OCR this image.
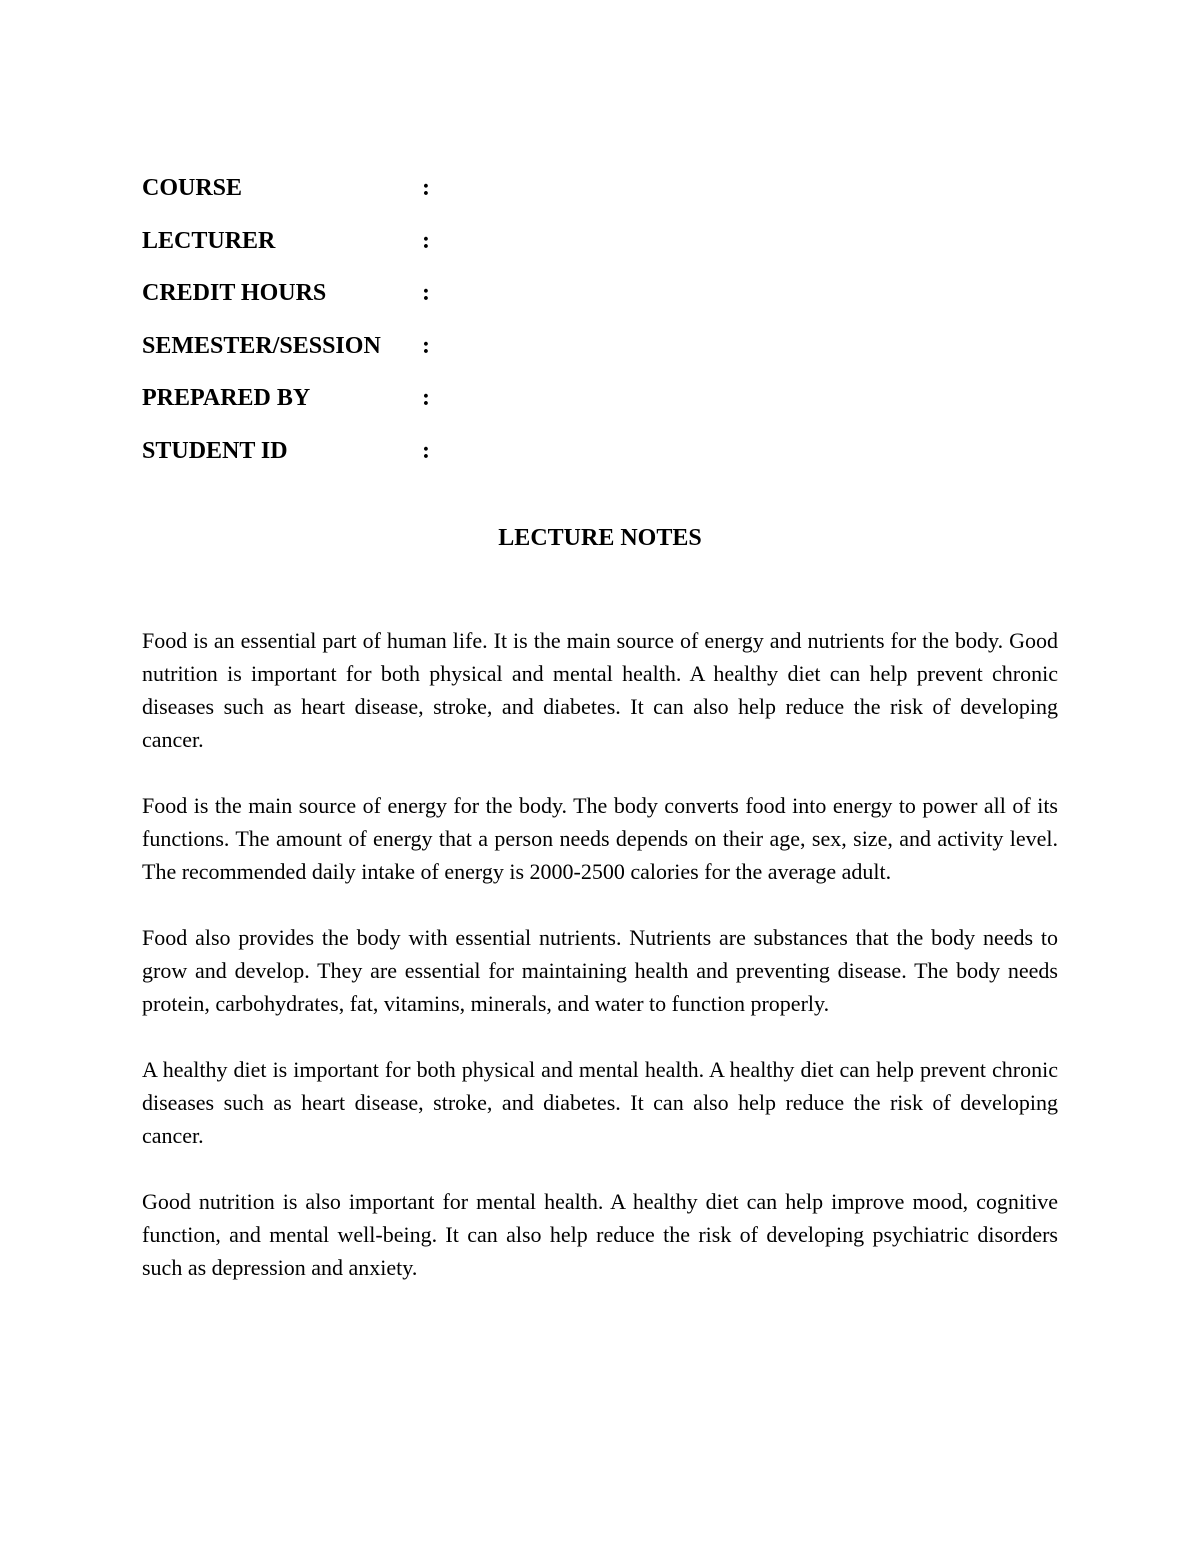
COURSE	:
LECTURER	:
CREDIT HOURS	:
SEMESTER/SESSION :
PREPARED BY	:
STUDENT ID	:
LECTURE NOTES

Food is an essential part of human life. It is the main source of energy and nutrients for the body. Good nutrition is important for both physical and mental health. A healthy diet can help prevent chronic diseases such as heart disease, stroke, and diabetes. It can also help reduce the risk of developing cancer.

Food is the main source of energy for the body. The body converts food into energy to power all of its functions. The amount of energy that a person needs depends on their age, sex, size, and activity level. The recommended daily intake of energy is 2000-2500 calories for the average adult.

Food also provides the body with essential nutrients. Nutrients are substances that the body needs to grow and develop. They are essential for maintaining health and preventing disease. The body needs protein, carbohydrates, fat, vitamins, minerals, and water to function properly.

A healthy diet is important for both physical and mental health. A healthy diet can help prevent chronic diseases such as heart disease, stroke, and diabetes. It can also help reduce the risk of developing cancer.

Good nutrition is also important for mental health. A healthy diet can help improve mood, cognitive function, and mental well-being. It can also help reduce the risk of developing psychiatric disorders such as depression and anxiety.
